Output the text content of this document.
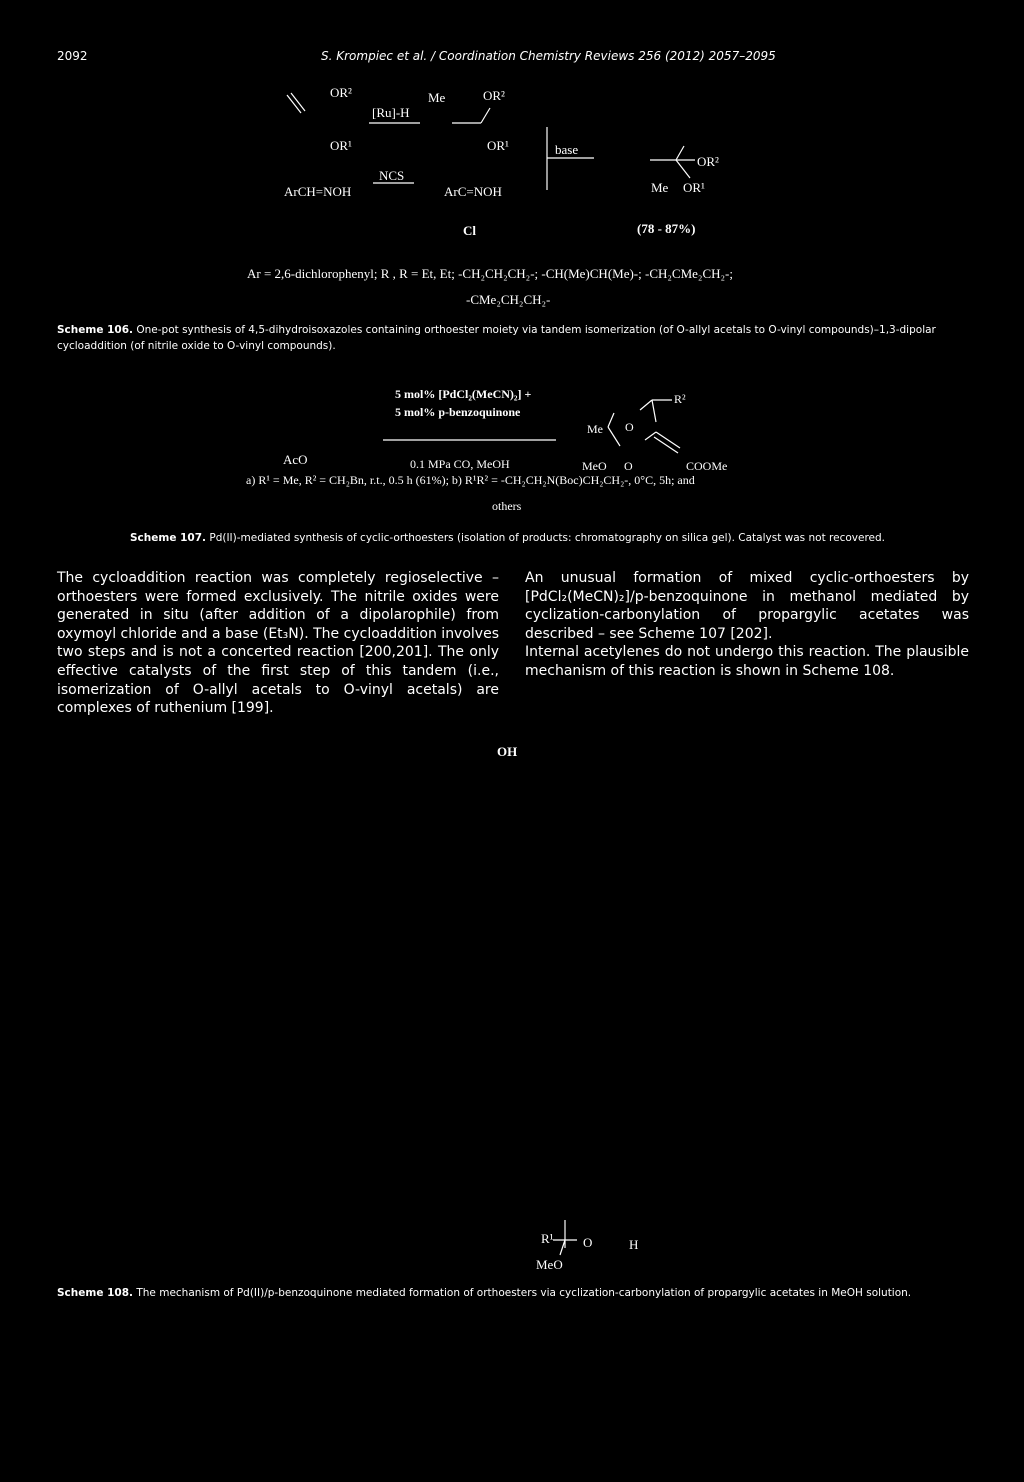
2092	S. Krompiec et al. / Coordination Chemistry Reviews 256 (2012) 2057–2095
OR²
[Ru]-H
Me	OR²
OR¹	OR¹	base
NCS
ArCH=NOH	ArC=NOH
Cl
OR²
Me OR¹
(78 - 87%)
Ar = 2,6-dichlorophenyl; R , R = Et, Et; -CH₂CH₂CH₂-; -CH(Me)CH(Me)-; -CH₂CMe₂CH₂-;
-CMe₂CH₂CH₂-
Scheme 106. One-pot synthesis of 4,5-dihydroisoxazoles containing orthoester moiety via tandem isomerization (of O-allyl acetals to O-vinyl compounds)–1,3-dipolar cycloaddition (of nitrile oxide to O-vinyl compounds).
AcO
5 mol% [PdCl₂(MeCN)₂] +
5 mol% p-benzoquinone
0.1 MPa CO, MeOH
Me O
R²
MeO O	COOMe
a) R¹ = Me, R² = CH₂Bn, r.t., 0.5 h (61%); b) R¹R² = -CH₂CH₂N(Boc)CH₂CH₂-, 0°C, 5h; and
others
Scheme 107. Pd(II)-mediated synthesis of cyclic-orthoesters (isolation of products: chromatography on silica gel). Catalyst was not recovered.

The cycloaddition reaction was completely regioselective – orthoesters were formed exclusively. The nitrile oxides were generated in situ (after addition of a dipolarophile) from oxymoyl chloride and a base (Et₃N). The cycloaddition involves two steps and is not a concerted reaction [200,201]. The only effective catalysts of the first step of this tandem (i.e., isomerization of O-allyl acetals to O-vinyl acetals) are complexes of ruthenium [199].

An unusual formation of mixed cyclic-orthoesters by [PdCl₂(MeCN)₂]/p-benzoquinone in methanol mediated by cyclization-carbonylation of propargylic acetates was described – see Scheme 107 [202].

Internal acetylenes do not undergo this reaction. The plausible mechanism of this reaction is shown in Scheme 108.

OH
R¹ O	H
MeO
Scheme 108. The mechanism of Pd(II)/p-benzoquinone mediated formation of orthoesters via cyclization-carbonylation of propargylic acetates in MeOH solution.
